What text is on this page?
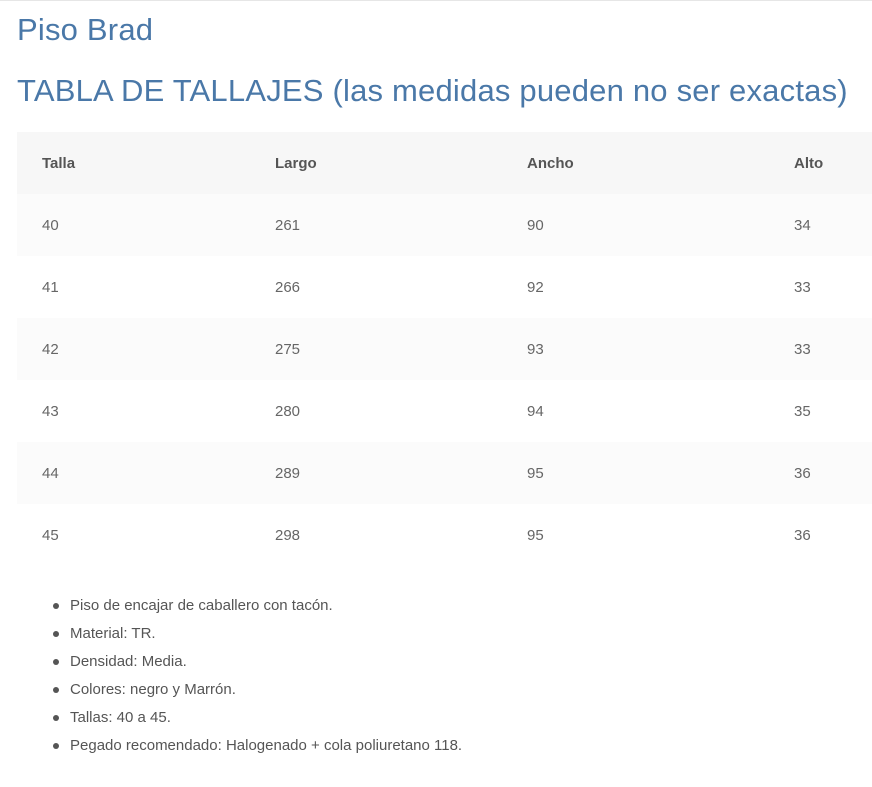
Piso Brad
TABLA DE TALLAJES (las medidas pueden no ser exactas)
Talla	Largo	Ancho	Alto
40	261	90	34
41	266	92	33
42	275	93	33
43	280	94	35
44	289	95	36
45	298	95	36
Piso de encajar de caballero con tacón.
Material: TR.
Densidad: Media.
Colores: negro y Marrón.
Tallas: 40 a 45.
Pegado recomendado: Halogenado + cola poliuretano 118.
